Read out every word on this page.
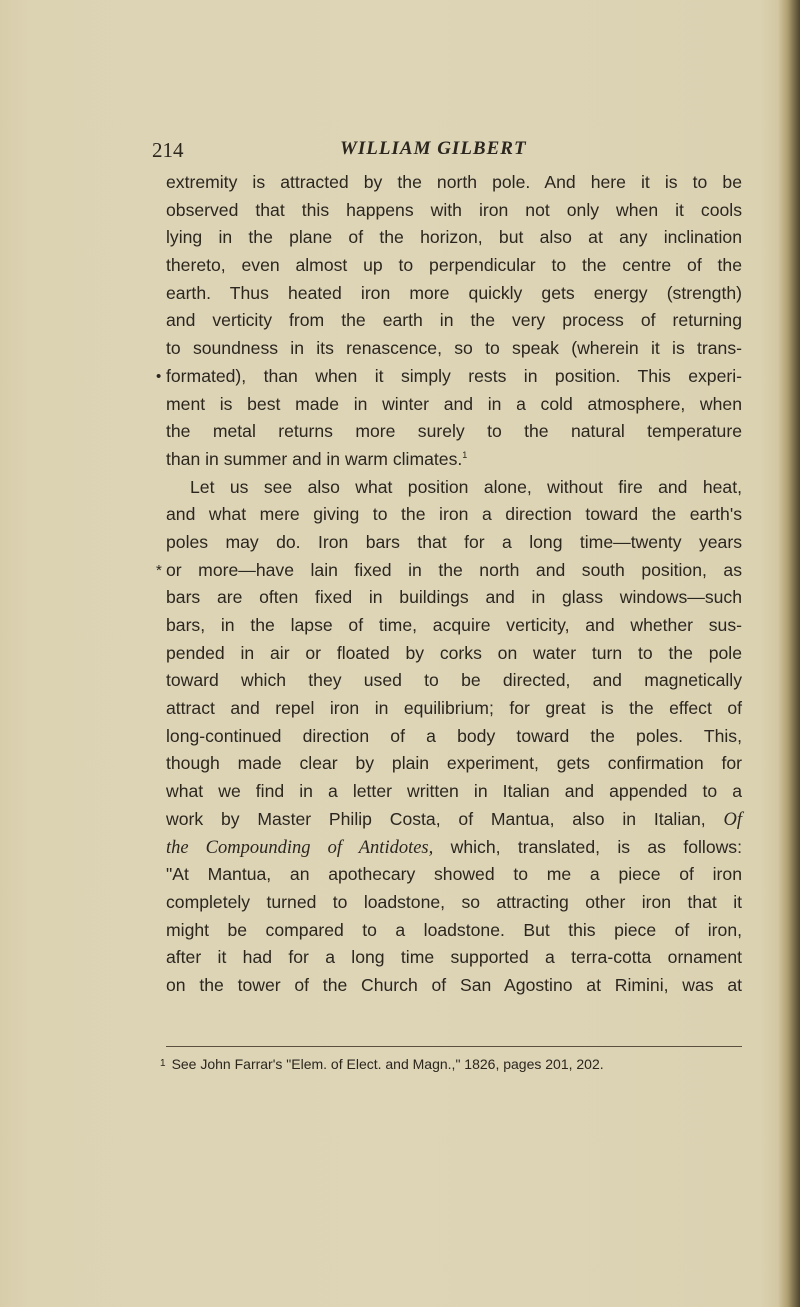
214	WILLIAM GILBERT
extremity is attracted by the north pole. And here it is to be
observed that this happens with iron not only when it cools
lying in the plane of the horizon, but also at any inclination
thereto, even almost up to perpendicular to the centre of the
earth. Thus heated iron more quickly gets energy (strength)
and verticity from the earth in the very process of returning
to soundness in its renascence, so to speak (wherein it is trans-
• formated), than when it simply rests in position. This experi-
ment is best made in winter and in a cold atmosphere, when
the metal returns more surely to the natural temperature
than in summer and in warm climates.$^1$
Let us see also what position alone, without fire and heat,
and what mere giving to the iron a direction toward the earth's
poles may do. Iron bars that for a long time—twenty years
* or more—have lain fixed in the north and south position, as
bars are often fixed in buildings and in glass windows—such
bars, in the lapse of time, acquire verticity, and whether sus-
pended in air or floated by corks on water turn to the pole
toward which they used to be directed, and magnetically
attract and repel iron in equilibrium; for great is the effect of
long-continued direction of a body toward the poles. This,
though made clear by plain experiment, gets confirmation for
what we find in a letter written in Italian and appended to a
work by Master Philip Costa, of Mantua, also in Italian, Of
the Compounding of Antidotes, which, translated, is as follows:
"At Mantua, an apothecary showed to me a piece of iron
completely turned to loadstone, so attracting other iron that it
might be compared to a loadstone. But this piece of iron,
after it had for a long time supported a terra-cotta ornament
on the tower of the Church of San Agostino at Rimini, was at
$^1$ See John Farrar's "Elem. of Elect. and Magn.," 1826, pages 201, 202.
